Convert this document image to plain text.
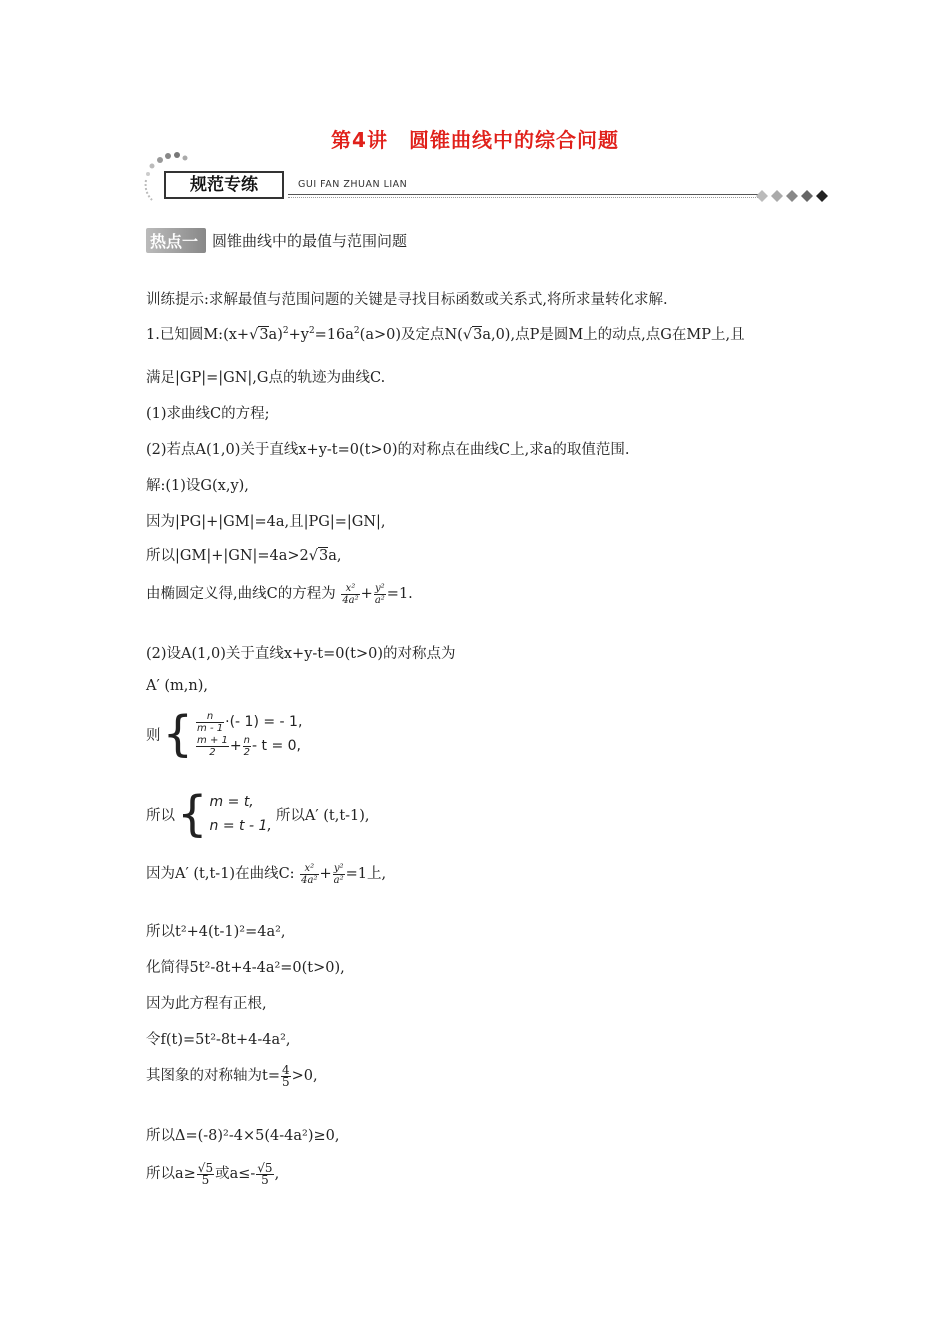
第4讲　圆锥曲线中的综合问题
规范专练	GUI FAN ZHUAN LIAN
热点一 圆锥曲线中的最值与范围问题
训练提示:求解最值与范围问题的关键是寻找目标函数或关系式,将所求量转化求解.
1.已知圆$M:(x+√3a)^2+y^2=16a^2(a>0)$及定点N(√3a,0),点P是圆M上的动点,点G在MP上,且
满足|GP|=|GN|,G点的轨迹为曲线C.
(1)求曲线C的方程;
(2)若点A(1,0)关于直线x+y-t=0(t>0)的对称点在曲线C上,求a的取值范围.
解:(1)设G(x,y),
因为|PG|+|GM|=4a,且|PG|=|GN|,
所以|GM|+|GN|=4a>2√3a,
由椭圆定义得,曲线C的方程为 $\frac{\text{x²}}{\text{4a²}} + \frac{\text{y²}}{\text{a²}} =1$.
(2)设A(1,0)关于直线x+y-t=0(t>0)的对称点为
A′ (m,n),
则 { $\frac{n}{m - 1}$ ·(- 1) = - 1,
$\frac{m + 1}{2} + \frac{n}{2} - t = 0$,
所以 { m = t,
n = t - 1,
所以A′ (t,t-1),
因为A′ (t,t-1)在曲线C: $\frac{\text{x²}}{\text{4a²}} + \frac{\text{y²}}{\text{a²}} =1$上,
所以t²+4(t-1)²=4a²,
化简得5t²-8t+4-4a²=0(t>0),
因为此方程有正根,
令f(t)=5t²-8t+4-4a²,
其图象的对称轴为$t= \frac{4}{5} >0$,
所以Δ=(-8)²-4×5(4-4a²)≥0,
所以$a\ge \frac{√5}{5}$ 或$a\le- \frac{√5}{5}$ ,
